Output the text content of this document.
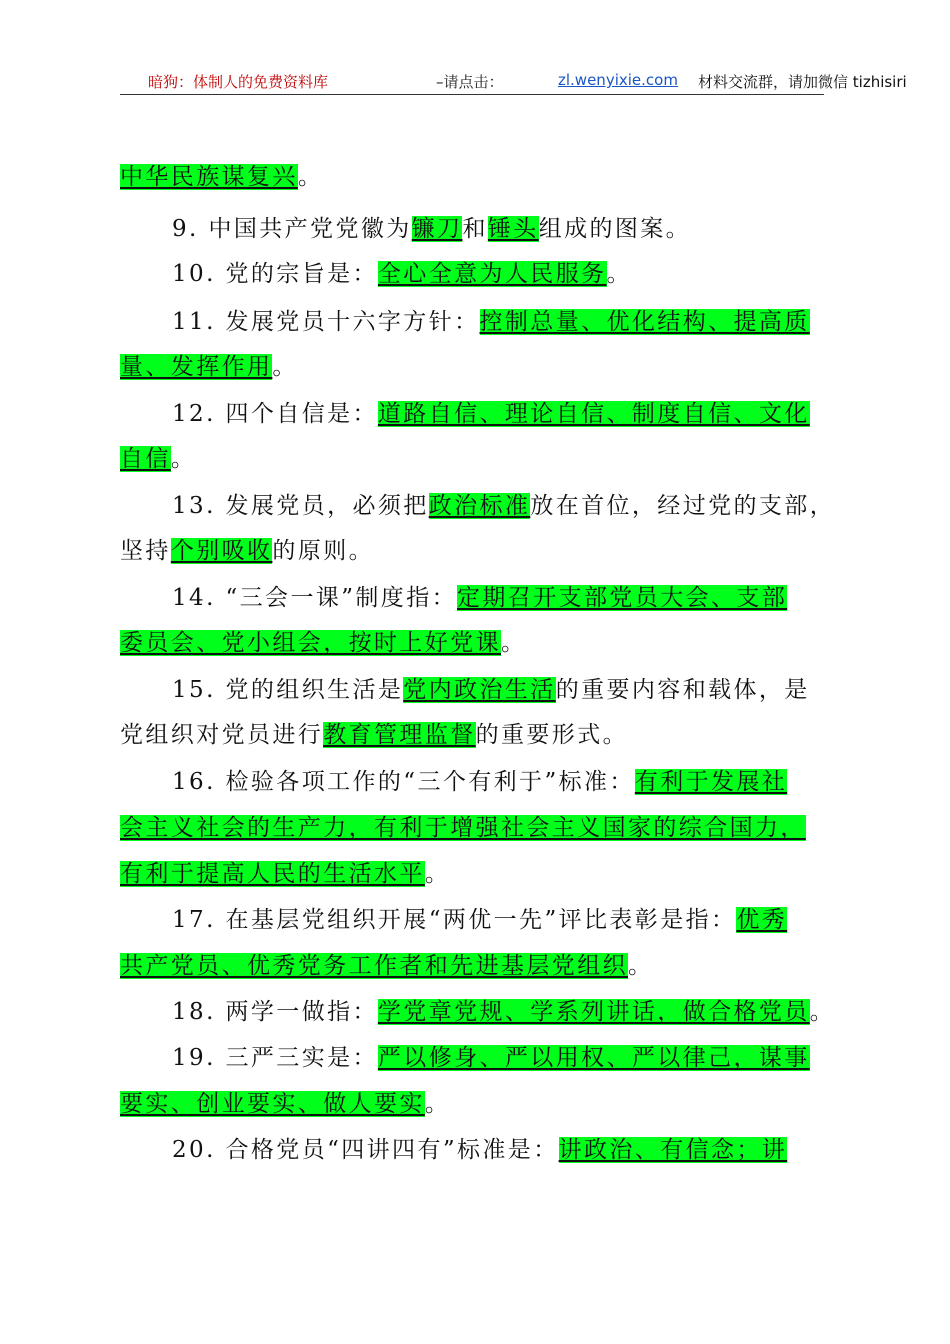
暗狗：体制人的免费资料库	–请点击：	zl.wenyixie.com 材料交流群，请加微信 tizhisiri
中华民族谋复兴。
9. 中国共产党党徽为镰刀和锤头组成的图案。
10. 党的宗旨是：全心全意为人民服务。
11. 发展党员十六字方针：控制总量、优化结构、提高质
量、发挥作用。
12. 四个自信是：道路自信、理论自信、制度自信、文化
自信。
13. 发展党员，必须把政治标准放在首位，经过党的支部，
坚持个别吸收的原则。
14. “三会一课”制度指：定期召开支部党员大会、支部
委员会、党小组会，按时上好党课。
15. 党的组织生活是党内政治生活的重要内容和载体，是
党组织对党员进行教育管理监督的重要形式。
16. 检验各项工作的“三个有利于”标准：有利于发展社
会主义社会的生产力，有利于增强社会主义国家的综合国力，
有利于提高人民的生活水平。
17. 在基层党组织开展“两优一先”评比表彰是指：优秀
共产党员、优秀党务工作者和先进基层党组织。
18. 两学一做指：学党章党规、学系列讲话，做合格党员。
19. 三严三实是：严以修身、严以用权、严以律己，谋事
要实、创业要实、做人要实。
20. 合格党员“四讲四有”标准是：讲政治、有信念；讲
